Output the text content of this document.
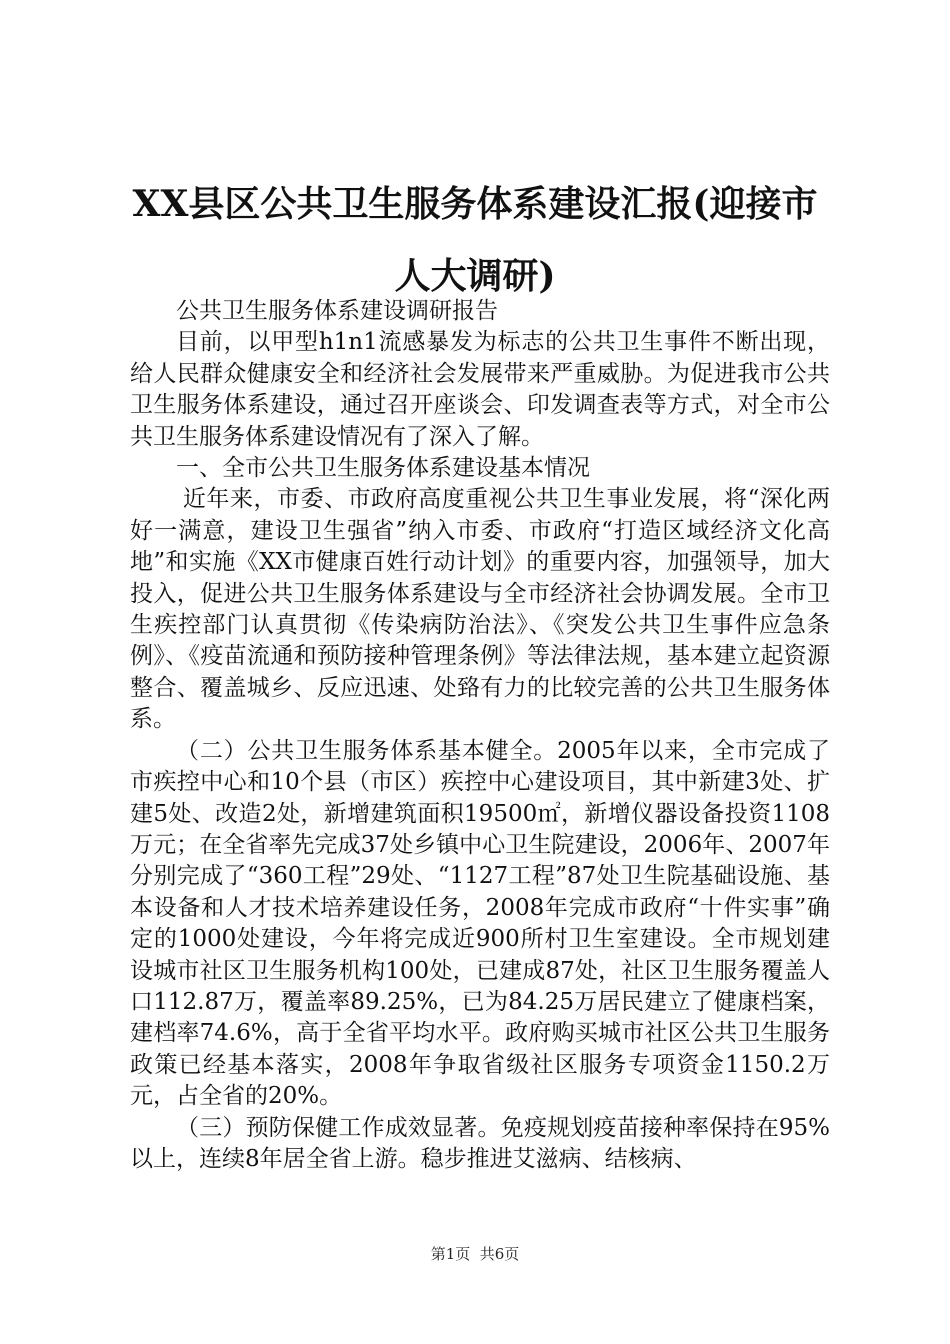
XX县区公共卫生服务体系建设汇报(迎接市人大调研)

公共卫生服务体系建设调研报告

目前，以甲型h1n1流感暴发为标志的公共卫生事件不断出现，给人民群众健康安全和经济社会发展带来严重威胁。为促进我市公共卫生服务体系建设，通过召开座谈会、印发调查表等方式，对全市公共卫生服务体系建设情况有了深入了解。

一、全市公共卫生服务体系建设基本情况

近年来，市委、市政府高度重视公共卫生事业发展，将“深化两好一满意，建设卫生强省”纳入市委、市政府“打造区域经济文化高地”和实施《XX市健康百姓行动计划》的重要内容，加强领导，加大投入，促进公共卫生服务体系建设与全市经济社会协调发展。全市卫生疾控部门认真贯彻《传染病防治法》、《突发公共卫生事件应急条例》、《疫苗流通和预防接种管理条例》等法律法规，基本建立起资源整合、覆盖城乡、反应迅速、处臵有力的比较完善的公共卫生服务体系。

（二）公共卫生服务体系基本健全。2005年以来，全市完成了市疾控中心和10个县（市区）疾控中心建设项目，其中新建3处、扩建5处、改造2处，新增建筑面积19500㎡，新增仪器设备投资1108万元；在全省率先完成37处乡镇中心卫生院建设，2006年、2007年分别完成了“360工程”29处、“1127工程”87处卫生院基础设施、基本设备和人才技术培养建设任务，2008年完成市政府“十件实事”确定的1000处建设，今年将完成近900所村卫生室建设。全市规划建设城市社区卫生服务机构100处，已建成87处，社区卫生服务覆盖人口112.87万，覆盖率89.25%，已为84.25万居民建立了健康档案，建档率74.6%，高于全省平均水平。政府购买城市社区公共卫生服务政策已经基本落实，2008年争取省级社区服务专项资金1150.2万元，占全省的20%。

（三）预防保健工作成效显著。免疫规划疫苗接种率保持在95%以上，连续8年居全省上游。稳步推进艾滋病、结核病、

第1页  共6页
